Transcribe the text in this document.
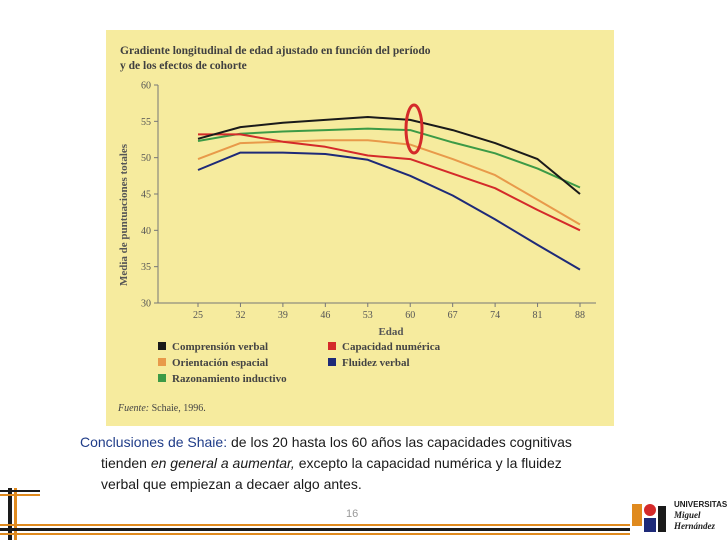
Gradiente longitudinal de edad ajustado en función del período
y de los efectos de cohorte
Media de puntuaciones totales
Edad
30
35
40
45
50
55
60
25	32	39	46	53	60	67	74	81	88
Comprensión verbal	Capacidad numérica
Orientación espacial	Fluidez verbal
Razonamiento inductivo
Fuente: Schaie, 1996.
Conclusiones de Shaie: de los 20 hasta los 60 años las capacidades cognitivas
tienden en general a aumentar, excepto la capacidad numérica y la fluidez
verbal que empiezan a decaer algo antes.
16
UNIVERSITAS
Miguel
Hernández
